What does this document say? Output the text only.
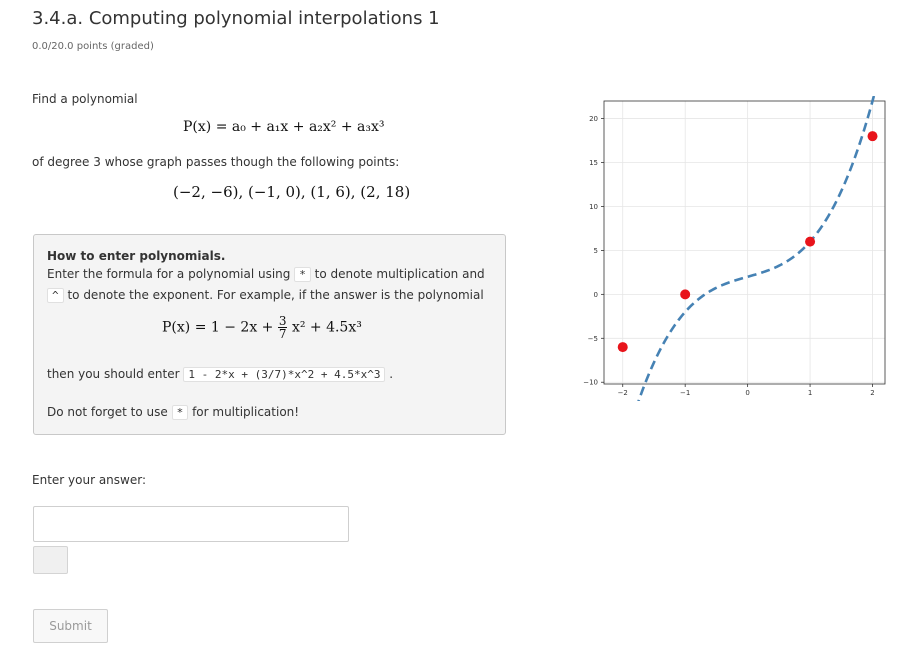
3.4.a. Computing polynomial interpolations 1
0.0/20.0 points (graded)
Find a polynomial
P(x) = a₀ + a₁x + a₂x² + a₃x³
of degree 3 whose graph passes though the following points:
(−2, −6), (−1, 0), (1, 6), (2, 18)
How to enter polynomials.
Enter the formula for a polynomial using * to denote multiplication and
^ to denote the exponent. For example, if the answer is the polynomial
$P(x) = 1 - 2x + \frac{3}{7} x^2 + 4.5x^3$
then you should enter 1 - 2*x + (3/7)*x^2 + 4.5*x^3 .
Do not forget to use * for multiplication!
Enter your answer:
Submit
−2	−1	0	1	2
−10
−5
0
5
10
15
20
